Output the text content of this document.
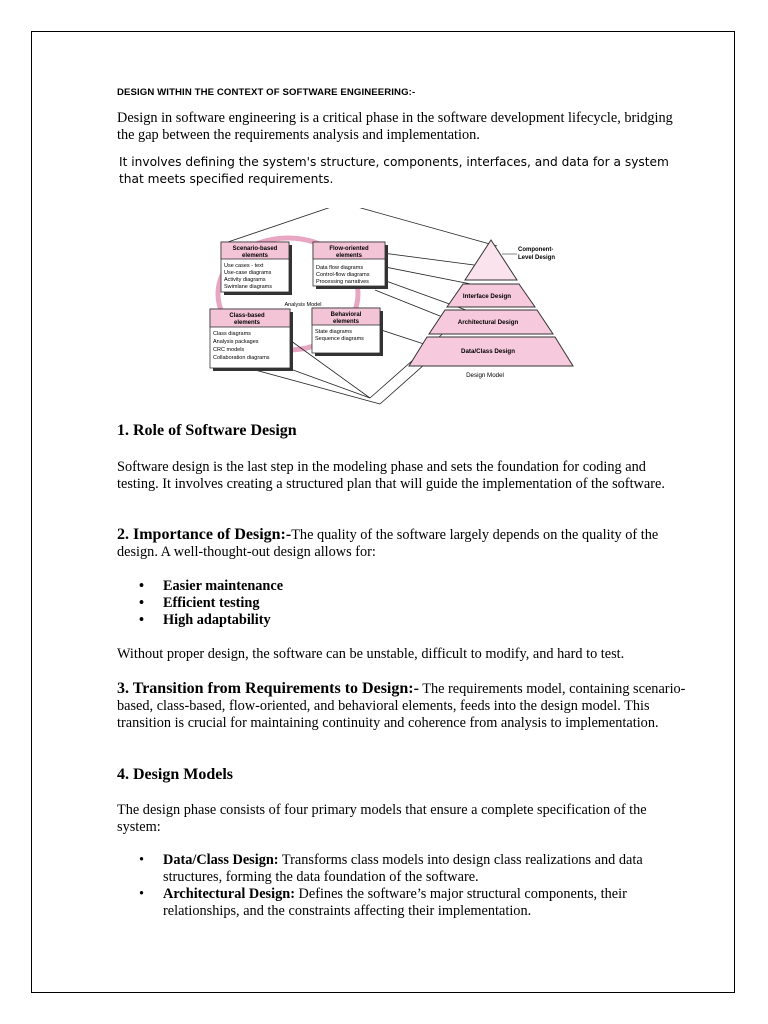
DESIGN WITHIN THE CONTEXT OF SOFTWARE ENGINEERING:-
Design in software engineering is a critical phase in the software development lifecycle, bridging the gap between the requirements analysis and implementation.
It involves defining the system's structure, components, interfaces, and data for a system that meets specified requirements.
Scenario-based
elements
Use cases - text
Use-case diagrams
Activity diagrams
Swimlane diagrams
Flow-oriented
elements
Data flow diagrams
Control-flow diagrams
Processing narratives
Analysis Model
Class-based
elements
Class diagrams
Analysis packages
CRC models
Collaboration diagrams
Behavioral
elements
State diagrams
Sequence diagrams
Component-
Level Design
Interface Design
Architectural Design
Data/Class Design
Design Model
1. Role of Software Design
Software design is the last step in the modeling phase and sets the foundation for coding and testing. It involves creating a structured plan that will guide the implementation of the software.
2. Importance of Design:-The quality of the software largely depends on the quality of the design. A well-thought-out design allows for:
• Easier maintenance
• Efficient testing
• High adaptability
Without proper design, the software can be unstable, difficult to modify, and hard to test.
3. Transition from Requirements to Design:- The requirements model, containing scenario-based, class-based, flow-oriented, and behavioral elements, feeds into the design model. This transition is crucial for maintaining continuity and coherence from analysis to implementation.
4. Design Models
The design phase consists of four primary models that ensure a complete specification of the system:
• Data/Class Design: Transforms class models into design class realizations and data structures, forming the data foundation of the software.
• Architectural Design: Defines the software’s major structural components, their relationships, and the constraints affecting their implementation.
